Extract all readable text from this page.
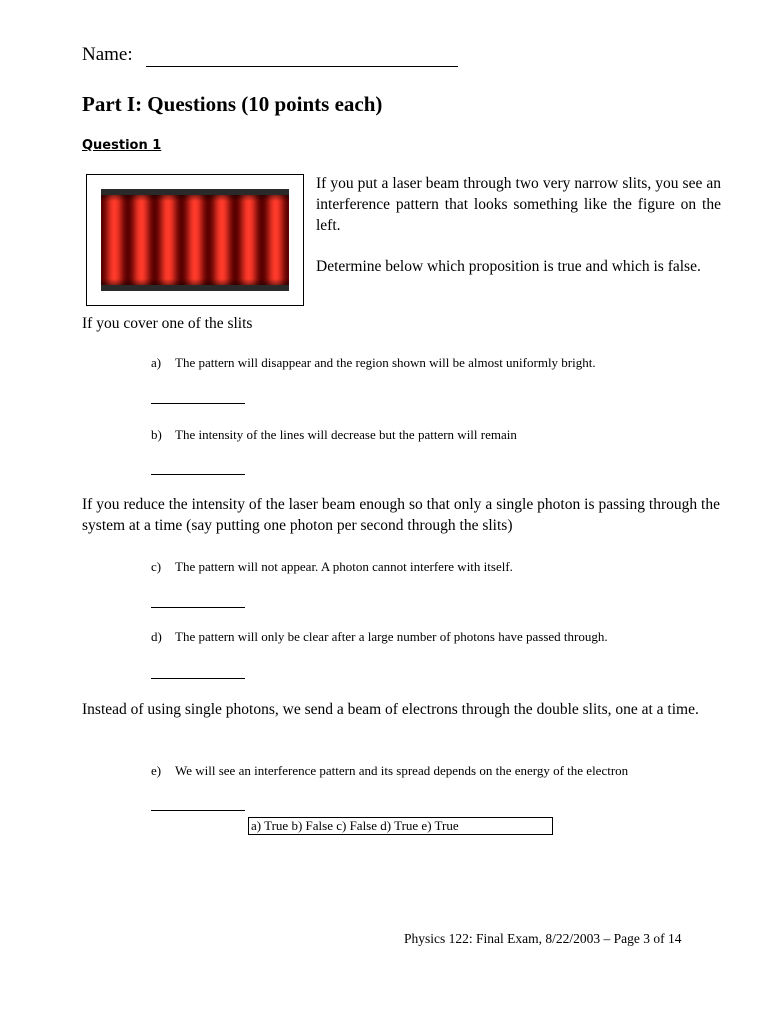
Name:
Part I: Questions (10 points each)
Question 1
If you put a laser beam through two very narrow slits, you see an interference pattern that looks something like the figure on the left.
Determine below which proposition is true and which is false.
If you cover one of the slits
a) The pattern will disappear and the region shown will be almost uniformly bright.
b) The intensity of the lines will decrease but the pattern will remain
If you reduce the intensity of the laser beam enough so that only a single photon is passing through the system at a time (say putting one photon per second through the slits)
c) The pattern will not appear. A photon cannot interfere with itself.
d) The pattern will only be clear after a large number of photons have passed through.
Instead of using single photons, we send a beam of electrons through the double slits, one at a time.
e) We will see an interference pattern and its spread depends on the energy of the electron
a) True b) False c) False d) True e) True
Physics 122: Final Exam, 8/22/2003 – Page 3 of 14
